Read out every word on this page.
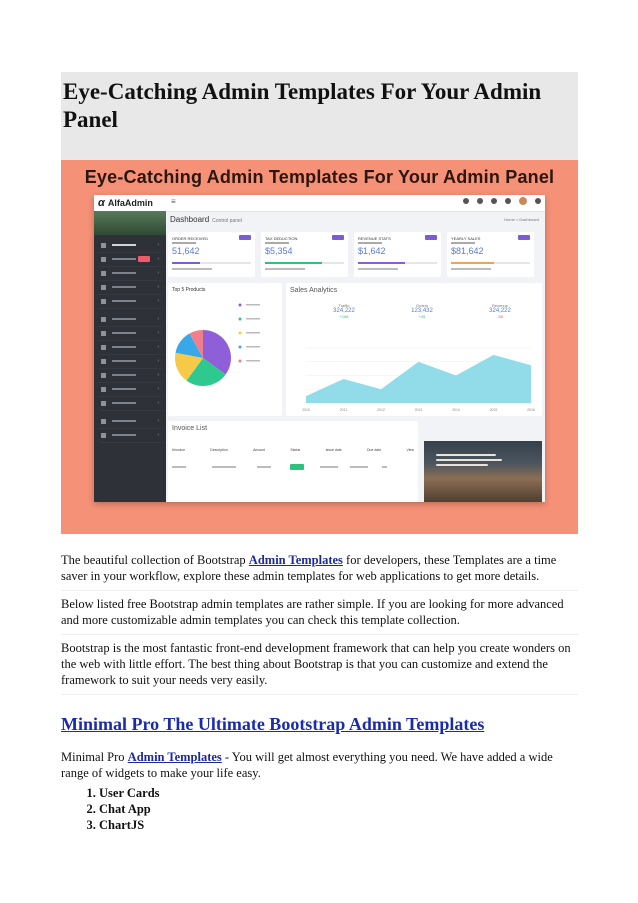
Eye-Catching Admin Templates For Your Admin Panel
Eye-Catching Admin Templates For Your Admin Panel
α AlfaAdmin ≡
›
›
›
›
›
›
›
›
›
›
›
›
›
›
Dashboard Control panel	Home > Dashboard
ORDER RECEIVED
51,642
TAX DEDUCTION
$5,354
REVENUE STATS
$1,642
YEARLY SALES
$81,642
Top 5 Products	Sales Analytics
Traffic
324,222
+158
Orders
123,432
+45
Revenue
324,222
-58
2010	2011	2012	2013	2014	2015	2016
Invoice List
#Invoice	Description	Amount	Status	Issue date	Due date	View

The beautiful collection of Bootstrap Admin Templates for developers, these Templates are a time saver in your workflow, explore these admin templates for web applications to get more details.

Below listed free Bootstrap admin templates are rather simple. If you are looking for more advanced and more customizable admin templates you can check this template collection.

Bootstrap is the most fantastic front-end development framework that can help you create wonders on the web with little effort. The best thing about Bootstrap is that you can customize and extend the framework to suit your needs very easily.

Minimal Pro The Ultimate Bootstrap Admin Templates

Minimal Pro Admin Templates - You will get almost everything you need. We have added a wide range of widgets to make your life easy.

1. User Cards
2. Chat App
3. ChartJS
